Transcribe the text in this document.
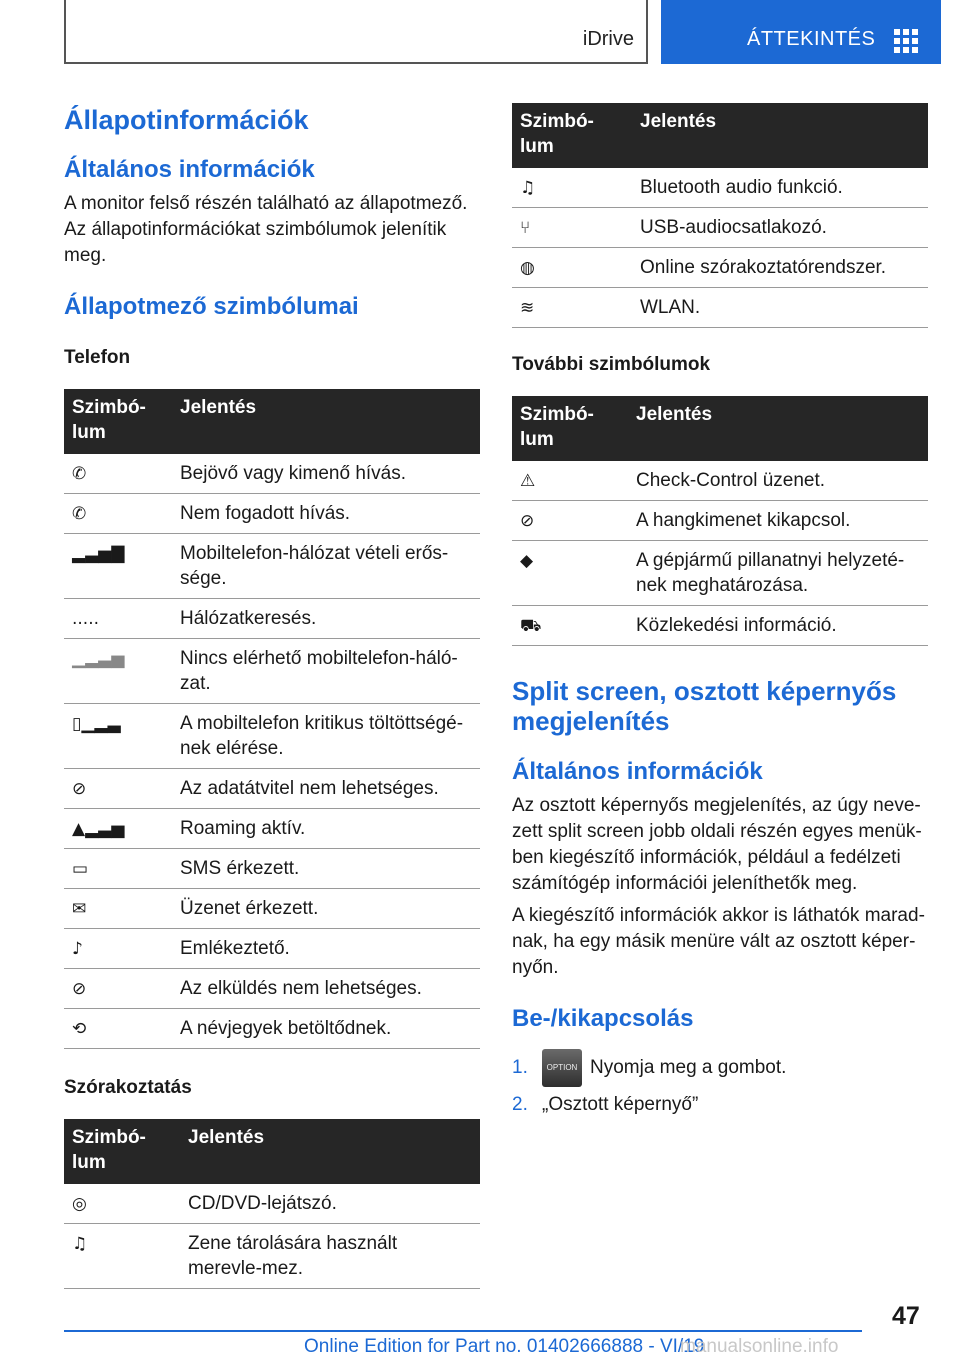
iDrive	ÁTTEKINTÉS
Állapotinformációk
Általános információk

A monitor felső részén található az állapotmező. Az állapotinformációkat szimbólumok jelenítik meg.

Állapotmező szimbólumai
Telefon
Szimbó-lum	Jelentés
✆	Bejövő vagy kimenő hívás.
✆	Nem fogadott hívás.
▂▃▅▇	Mobiltelefon-hálózat vételi erős-sége.
.....	Hálózatkeresés.
▁▂▃▅	Nincs elérhető mobiltelefon-háló-zat.
▯▁▂▃	A mobiltelefon kritikus töltöttségé-nek elérése.
⊘	Az adatátvitel nem lehetséges.
▲▂▃▅	Roaming aktív.
▭	SMS érkezett.
✉	Üzenet érkezett.
♪	Emlékeztető.
⊘	Az elküldés nem lehetséges.
⟲	A névjegyek betöltődnek.
Szórakoztatás
Szimbó-lum	Jelentés
◎	CD/DVD-lejátszó.
♫	Zene tárolására használt merevle-mez.
Szimbó-lum	Jelentés
♫	Bluetooth audio funkció.
⑂	USB-audiocsatlakozó.
◍	Online szórakoztatórendszer.
≋	WLAN.
További szimbólumok
Szimbó-lum	Jelentés
⚠	Check-Control üzenet.
⊘	A hangkimenet kikapcsol.
◆	A gépjármű pillanatnyi helyzeté-nek meghatározása.
⛟	Közlekedési információ.
Split screen, osztott képernyős megjelenítés
Általános információk

Az osztott képernyős megjelenítés, az úgy neve-zett split screen jobb oldali részén egyes menük-ben kiegészítő információk, például a fedélzeti számítógép információi jeleníthetők meg.

A kiegészítő információk akkor is láthatók marad-nak, ha egy másik menüre vált az osztott képer-nyőn.

Be-/kikapcsolás
1. OPTION Nyomja meg a gombot.
2. „Osztott képernyő”
47
Online Edition for Part no. 01402666888 - VI/19
manualsonline.info
